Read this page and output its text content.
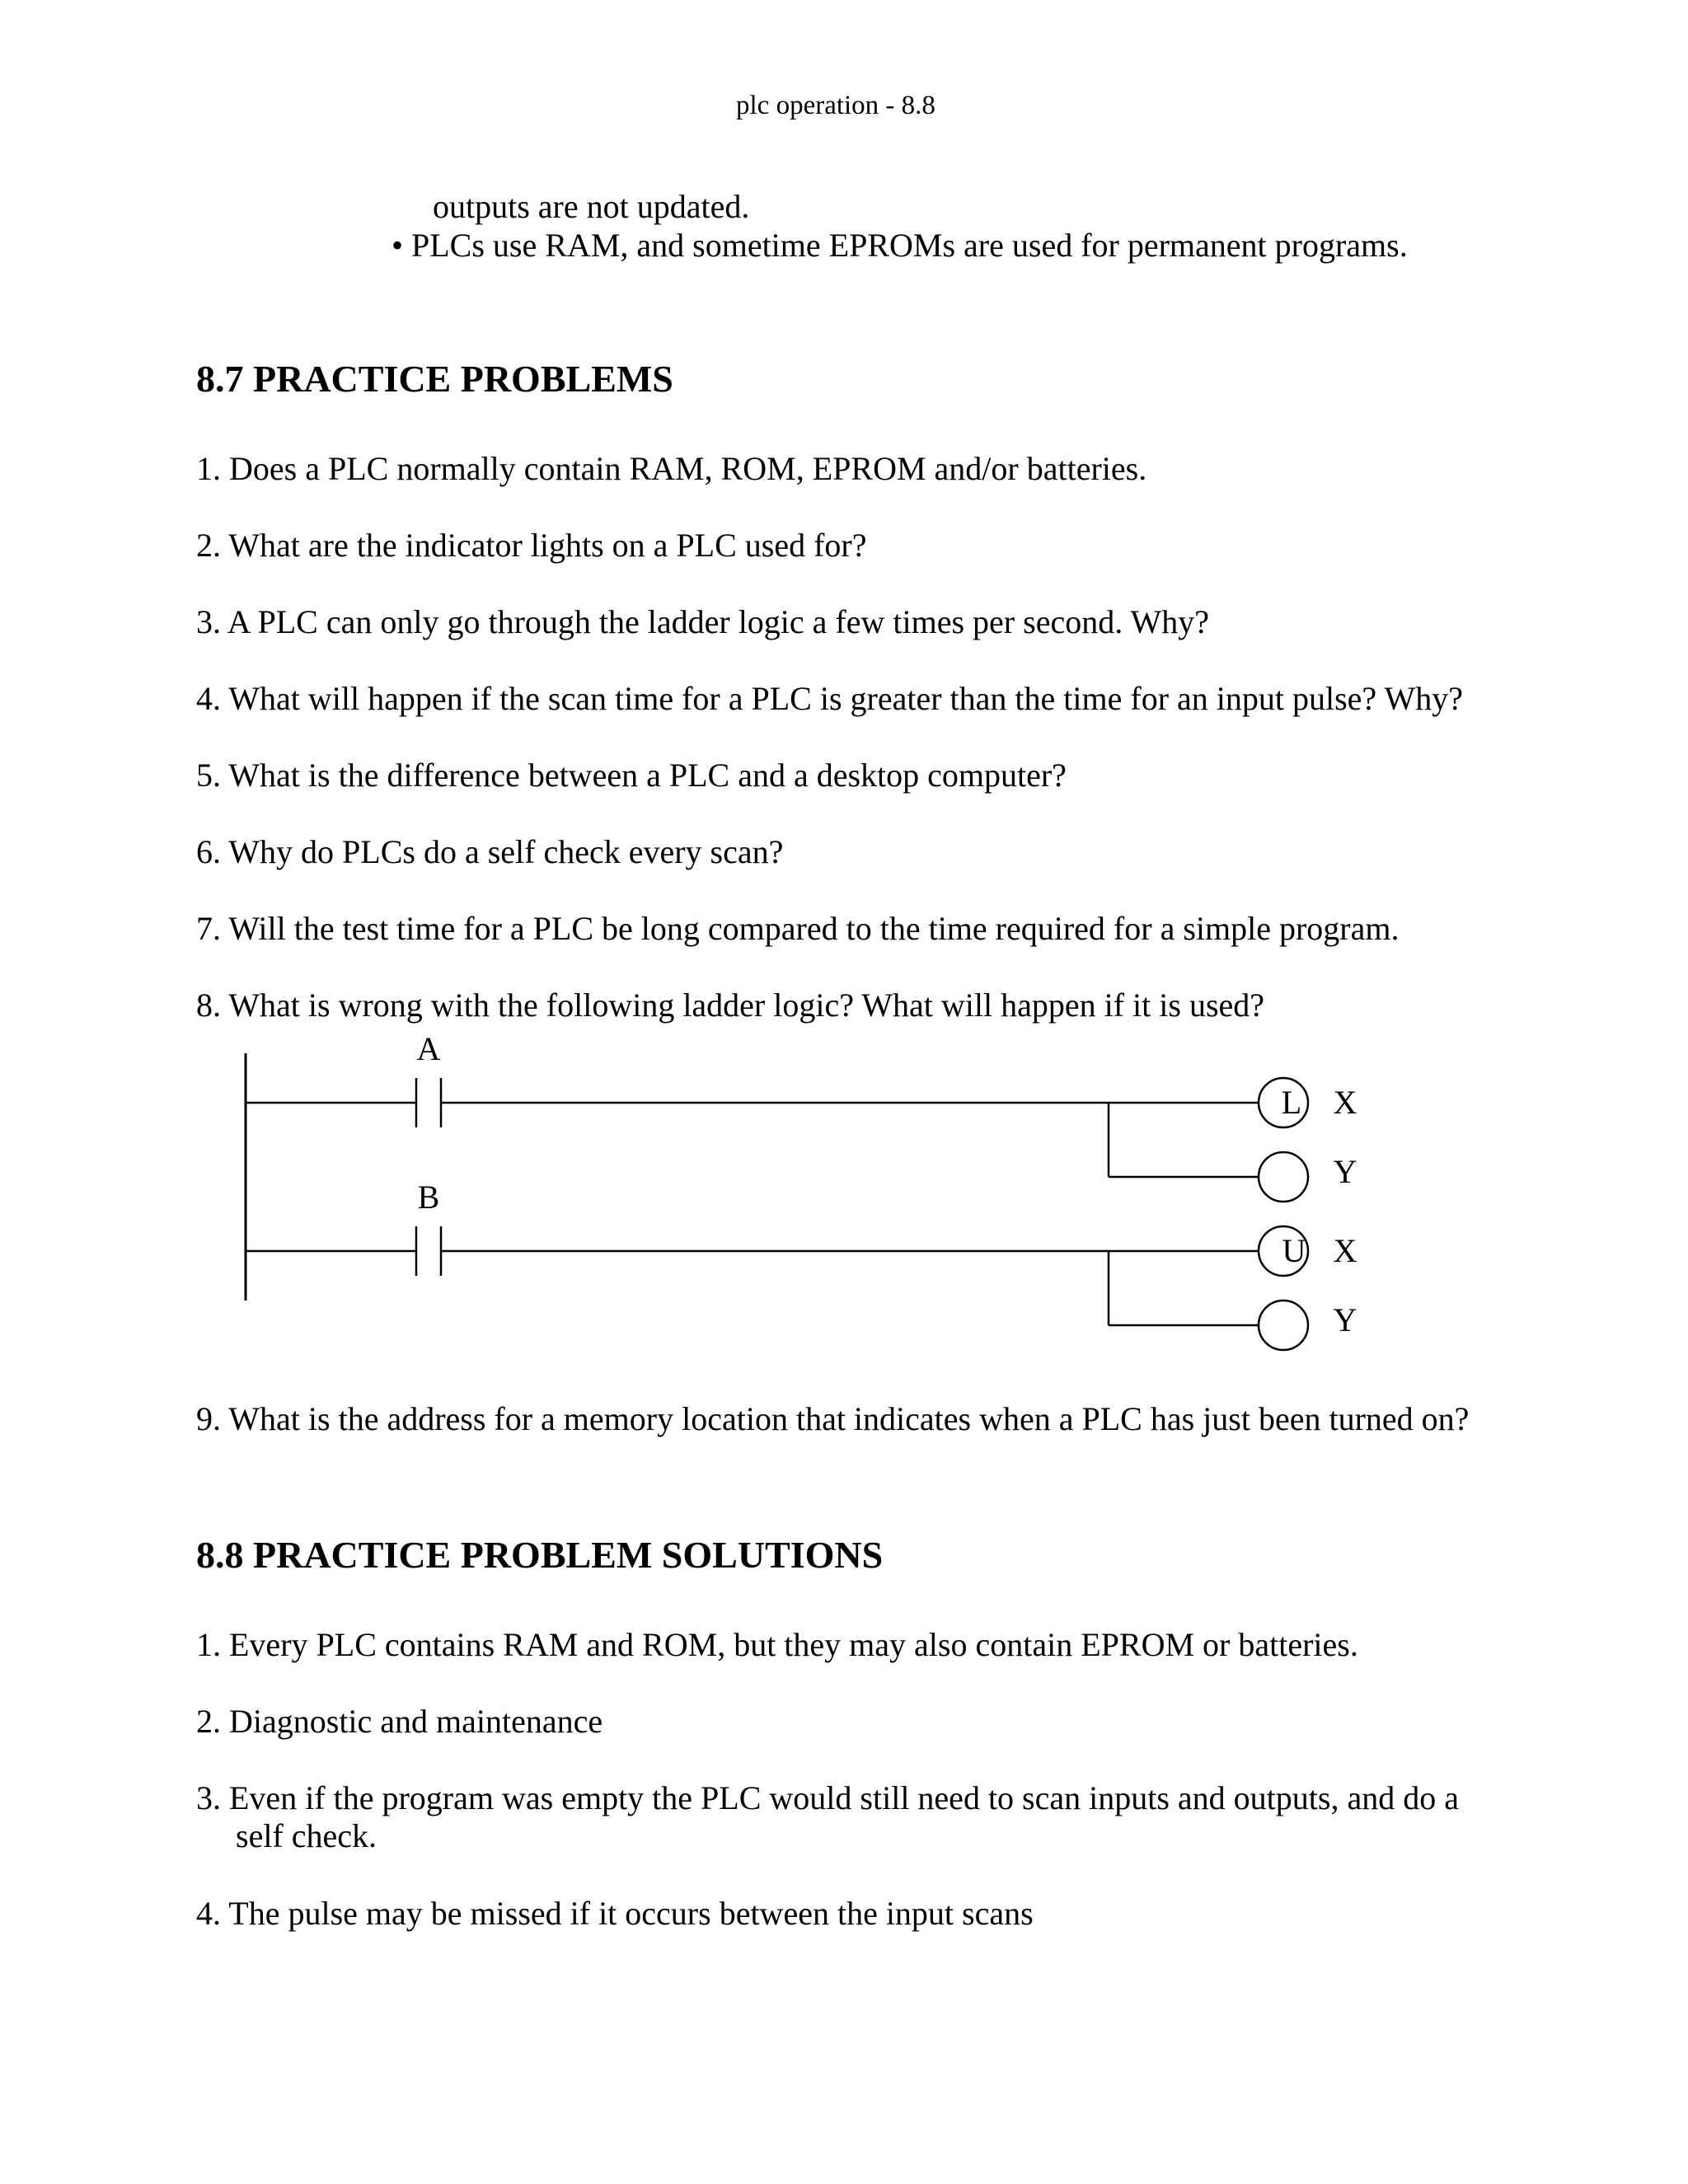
plc operation - 8.8
outputs are not updated.
• PLCs use RAM, and sometime EPROMs are used for permanent programs.
8.7 PRACTICE PROBLEMS
1. Does a PLC normally contain RAM, ROM, EPROM and/or batteries.
2. What are the indicator lights on a PLC used for?
3. A PLC can only go through the ladder logic a few times per second. Why?
4. What will happen if the scan time for a PLC is greater than the time for an input pulse? Why?
5. What is the difference between a PLC and a desktop computer?
6. Why do PLCs do a self check every scan?
7. Will the test time for a PLC be long compared to the time required for a simple program.
8. What is wrong with the following ladder logic? What will happen if it is used?
A
L X
Y
B
U X
Y
9. What is the address for a memory location that indicates when a PLC has just been turned on?
8.8 PRACTICE PROBLEM SOLUTIONS
1. Every PLC contains RAM and ROM, but they may also contain EPROM or batteries.
2. Diagnostic and maintenance
3. Even if the program was empty the PLC would still need to scan inputs and outputs, and do a
self check.
4. The pulse may be missed if it occurs between the input scans
